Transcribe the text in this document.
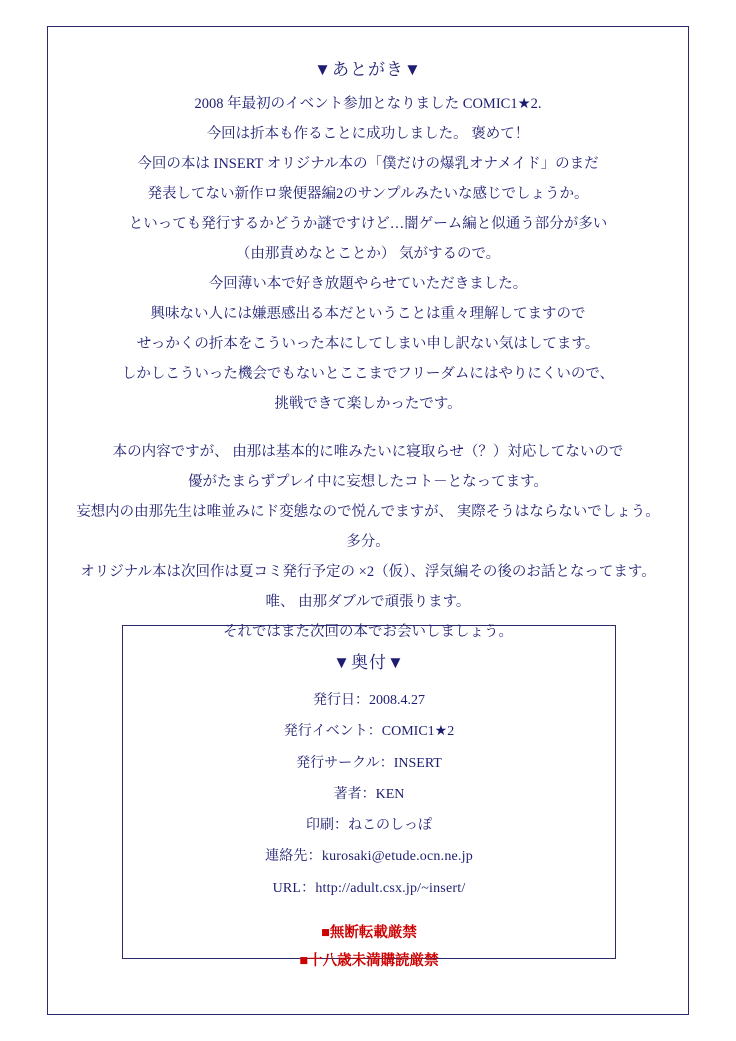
▼あとがき▼

2008 年最初のイベント参加となりました COMIC1★2.

今回は折本も作ることに成功しました。 褒めて！

今回の本は INSERT オリジナル本の「僕だけの爆乳オナメイド」のまだ

発表してない新作ロ衆便器編2のサンプルみたいな感じでしょうか。

といっても発行するかどうか謎ですけど…闇ゲーム編と似通う部分が多い

（由那責めなとことか） 気がするので。

今回薄い本で好き放題やらせていただきました。

興味ない人には嫌悪感出る本だということは重々理解してますので

せっかくの折本をこういった本にしてしまい申し訳ない気はしてます。

しかしこういった機会でもないとここまでフリーダムにはやりにくいので、

挑戦できて楽しかったです。

本の内容ですが、 由那は基本的に唯みたいに寝取らせ（？）対応してないので

優がたまらずプレイ中に妄想したコト－となってます。

妄想内の由那先生は唯並みにド変態なので悦んでますが、 実際そうはならないでしょう。

多分。

オリジナル本は次回作は夏コミ発行予定の ×2（仮）、浮気編その後のお話となってます。

唯、 由那ダブルで頑張ります。

それではまた次回の本でお会いしましょう。

▼奥付▼
発行日：2008.4.27
発行イベント：COMIC1★2
発行サークル：INSERT
著者：KEN
印刷：ねこのしっぽ
連絡先：kurosaki@etude.ocn.ne.jp
URL：http://adult.csx.jp/~insert/
■無断転載厳禁
■十八歳未満購読厳禁
